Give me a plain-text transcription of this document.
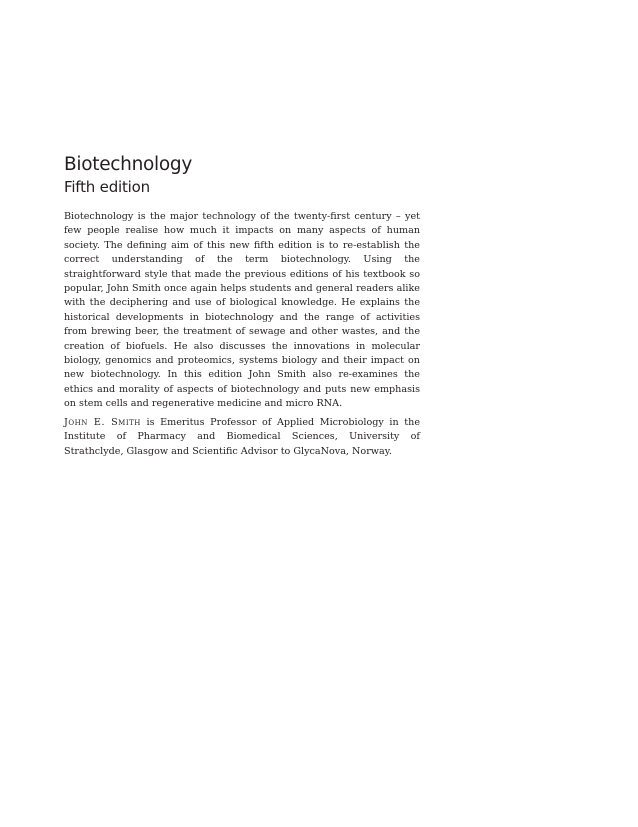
Biotechnology
Fifth edition

Biotechnology is the major technology of the twenty-first century – yet few people realise how much it impacts on many aspects of human society. The defining aim of this new fifth edition is to re-establish the correct understanding of the term biotechnology. Using the straightforward style that made the previous editions of his textbook so popular, John Smith once again helps students and general readers alike with the deciphering and use of biological knowledge. He explains the historical developments in biotechnology and the range of activities from brewing beer, the treatment of sewage and other wastes, and the creation of biofuels. He also discusses the innovations in molecular biology, genomics and proteomics, systems biology and their impact on new biotechnology. In this edition John Smith also re-examines the ethics and morality of aspects of biotechnology and puts new emphasis on stem cells and regenerative medicine and micro RNA.

John E. Smith is Emeritus Professor of Applied Microbiology in the Institute of Pharmacy and Biomedical Sciences, University of Strathclyde, Glasgow and Scientific Advisor to GlycaNova, Norway.
